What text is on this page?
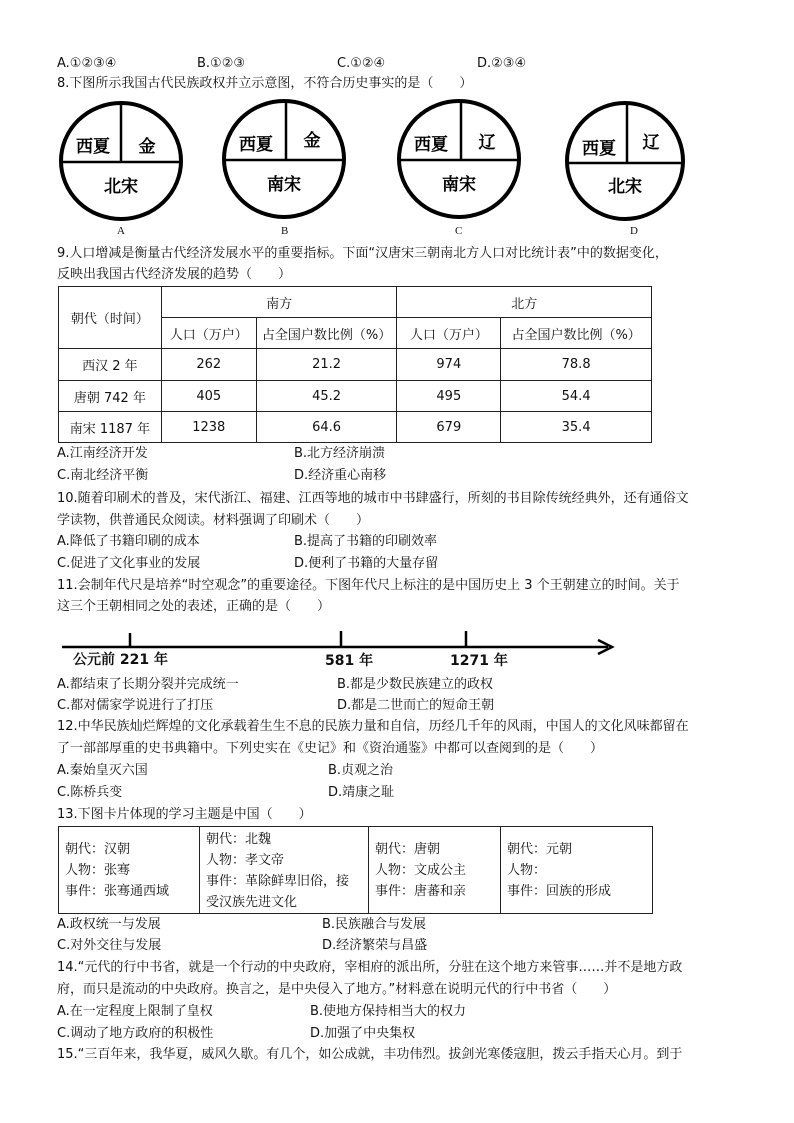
A.①②③④	B.①②③	C.①②④	D.②③④
8.下图所示我国古代民族政权并立示意图，不符合历史事实的是（　　）
西夏 金
北宋
A
西夏 金
南宋
B
西夏 辽
南宋
C
西夏 辽
北宋
D
9.人口增减是衡量古代经济发展水平的重要指标。下面“汉唐宋三朝南北方人口对比统计表”中的数据变化，
反映出我国古代经济发展的趋势（　　）
朝代（时间）	南方		北方	
	人口（万户）	占全国户数比例（%）	人口（万户）	占全国户数比例（%）
西汉 2 年	262	21.2	974	78.8
唐朝 742 年	405	45.2	495	54.4
南宋 1187 年	1238	64.6	679	35.4
A.江南经济开发	B.北方经济崩溃
C.南北经济平衡	D.经济重心南移
10.随着印刷术的普及，宋代浙江、福建、江西等地的城市中书肆盛行，所刻的书目除传统经典外，还有通俗文
学读物，供普通民众阅读。材料强调了印刷术（　　）
A.降低了书籍印刷的成本	B.提高了书籍的印刷效率
C.促进了文化事业的发展	D.便利了书籍的大量存留
11.会制年代尺是培养“时空观念”的重要途径。下图年代尺上标注的是中国历史上 3 个王朝建立的时间。关于
这三个王朝相同之处的表述，正确的是（　　）
公元前 221 年	581 年	1271 年
A.都结束了长期分裂并完成统一	B.都是少数民族建立的政权
C.都对儒家学说进行了打压	D.都是二世而亡的短命王朝
12.中华民族灿烂辉煌的文化承载着生生不息的民族力量和自信，历经几千年的风雨，中国人的文化风味都留在
了一部部厚重的史书典籍中。下列史实在《史记》和《资治通鉴》中都可以查阅到的是（　　）
A.秦始皇灭六国	B.贞观之治
C.陈桥兵变	D.靖康之耻
13.下图卡片体现的学习主题是中国（　　）
朝代：汉朝
人物：张骞
事件：张骞通西域
朝代：北魏
人物：孝文帝
事件：革除鲜卑旧俗，接
受汉族先进文化
朝代：唐朝
人物：文成公主
事件：唐蕃和亲
朝代：元朝
人物：
事件：回族的形成
A.政权统一与发展	B.民族融合与发展
C.对外交往与发展	D.经济繁荣与昌盛
14.“元代的行中书省，就是一个行动的中央政府，宰相府的派出所，分驻在这个地方来管事……并不是地方政
府，而只是流动的中央政府。换言之，是中央侵入了地方。”材料意在说明元代的行中书省（　　）
A.在一定程度上限制了皇权	B.使地方保持相当大的权力
C.调动了地方政府的积极性	D.加强了中央集权
15.“三百年来，我华夏，威风久歇。有几个，如公成就，丰功伟烈。拔剑光寒倭寇胆，拨云手指天心月。到于
